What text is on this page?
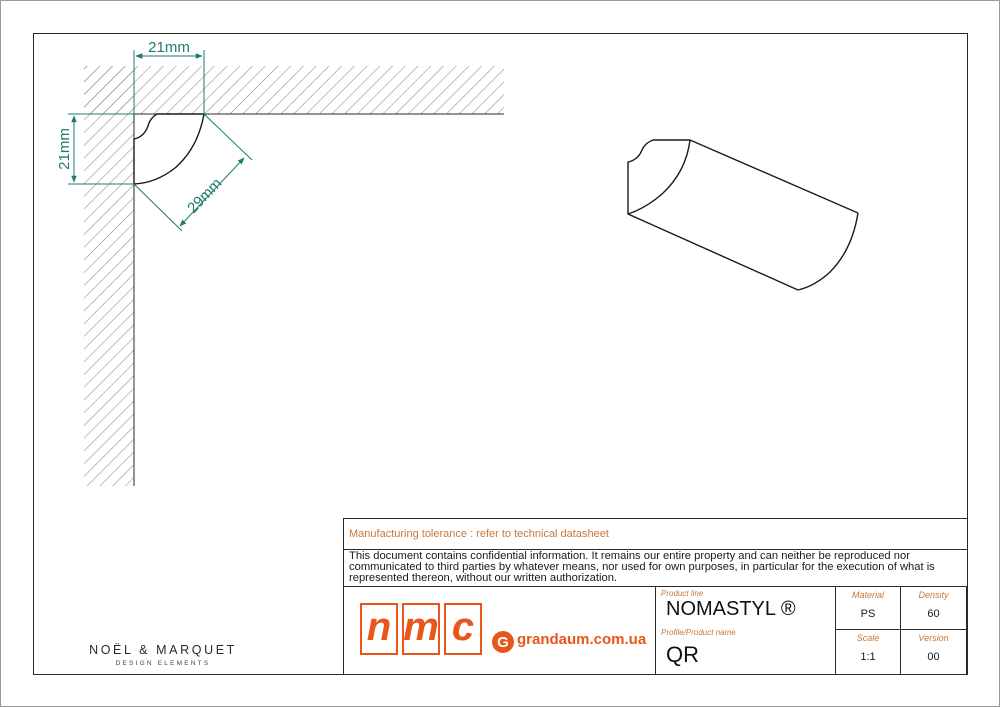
21mm
21mm
29mm
Manufacturing tolerance : refer to technical datasheet

This document contains confidential information. It remains our entire property and can neither be reproduced nor communicated to third parties by whatever means, nor used for own purposes, in particular for the execution of what is represented thereon, without our written authorization.

n m c	G grandaum.com.ua
Product line
NOMASTYL ®
Profile/Product name
QR
Material
PS
Density
60
Scale
1:1
Version
00
NOËL & MARQUET
DESIGN ELEMENTS
